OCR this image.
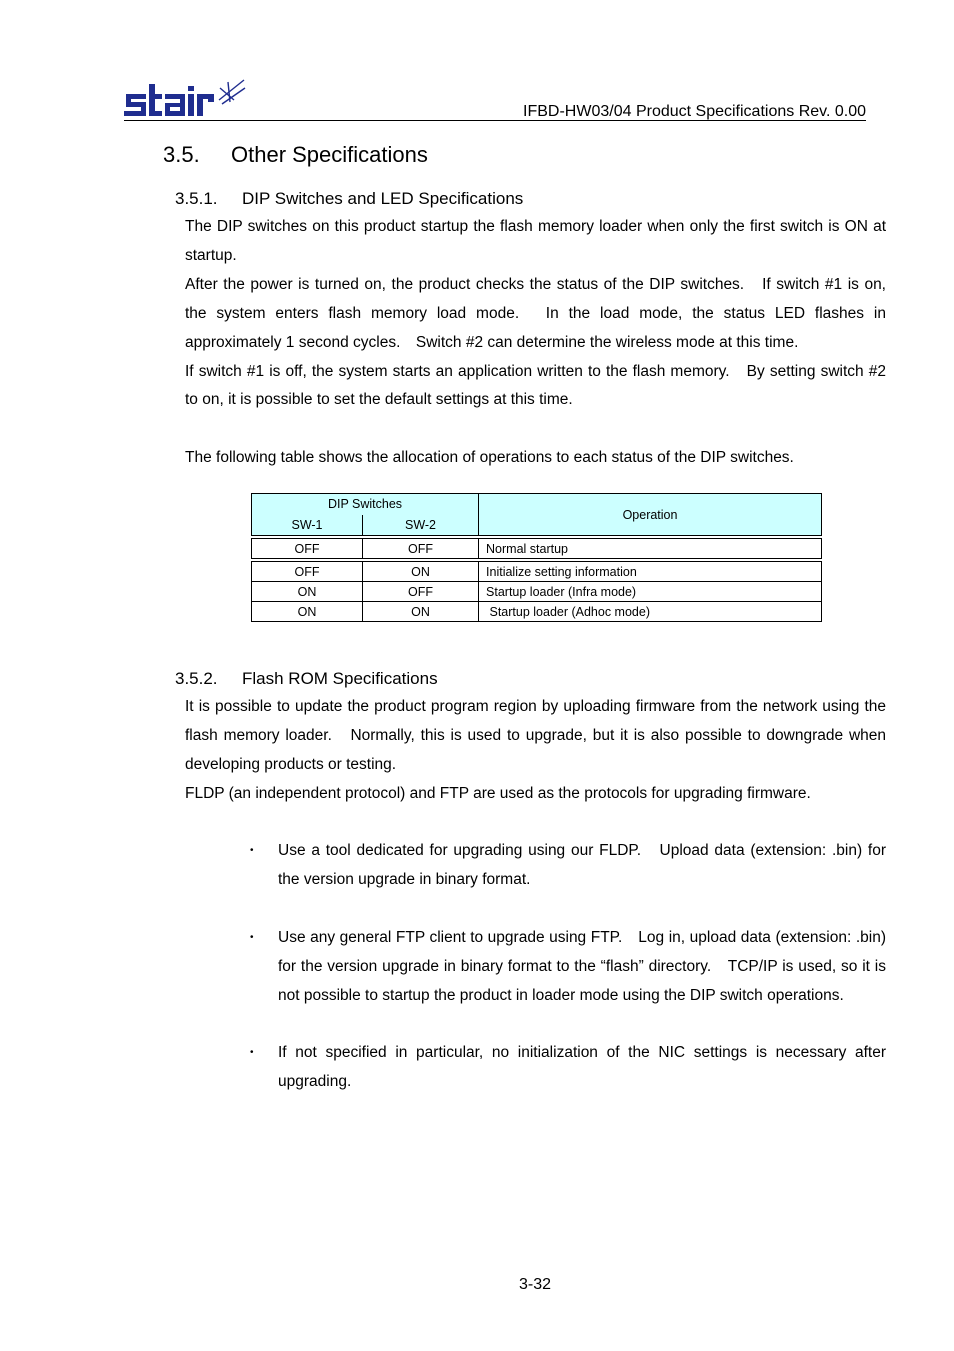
star
IFBD-HW03/04 Product Specifications Rev. 0.00
3.5. Other Specifications
3.5.1. DIP Switches and LED Specifications

The DIP switches on this product startup the flash memory loader when only the first switch is ON at startup.

After the power is turned on, the product checks the status of the DIP switches.　If switch #1 is on, the system enters flash memory load mode.　In the load mode, the status LED flashes in approximately 1 second cycles.　Switch #2 can determine the wireless mode at this time.

If switch #1 is off, the system starts an application written to the flash memory.　By setting switch #2 to on, it is possible to set the default settings at this time.

The following table shows the allocation of operations to each status of the DIP switches.

DIP Switches		Operation
SW-1	SW-2	

OFF	OFF	Normal startup

OFF	ON	Initialize setting information
ON	OFF	Startup loader (Infra mode)
ON	ON	Startup loader (Adhoc mode)
3.5.2. Flash ROM Specifications

It is possible to update the product program region by uploading firmware from the network using the flash memory loader.　Normally, this is used to upgrade, but it is also possible to downgrade when developing products or testing.

FLDP (an independent protocol) and FTP are used as the protocols for upgrading firmware.

• Use a tool dedicated for upgrading using our FLDP.　Upload data (extension: .bin) for the version upgrade in binary format.
• Use any general FTP client to upgrade using FTP.　Log in, upload data (extension: .bin) for the version upgrade in binary format to the “flash” directory.　TCP/IP is used, so it is not possible to startup the product in loader mode using the DIP switch operations.
• If not specified in particular, no initialization of the NIC settings is necessary after upgrading.
3-32
